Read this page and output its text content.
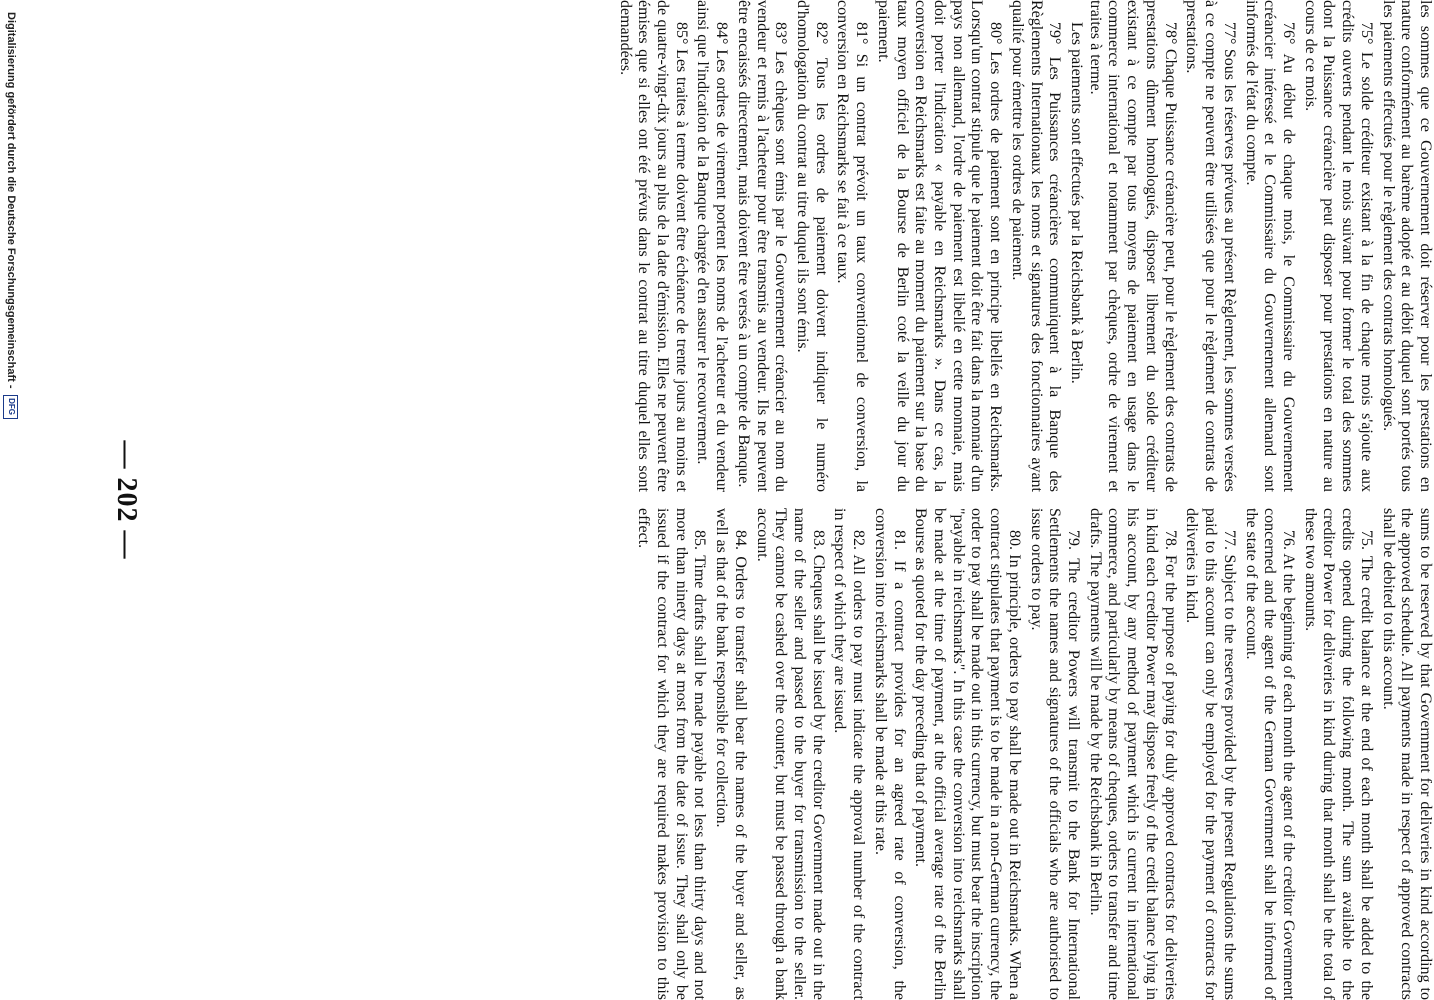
— 202 —

les sommes que ce Gouvernement doit réserver pour les prestations en nature conformément au barème adopté et au débit duquel sont portés tous les paiements effectués pour le règlement des contrats homologués.

75° Le solde créditeur existant à la fin de chaque mois s'ajoute aux crédits ouverts pendant le mois suivant pour former le total des sommes dont la Puissance créancière peut disposer pour prestations en nature au cours de ce mois.

76° Au début de chaque mois, le Commissaire du Gouvernement créancier intéressé et le Commissaire du Gouvernement allemand sont informés de l'état du compte.

77° Sous les réserves prévues au présent Règlement, les sommes versées à ce compte ne peuvent être utilisées que pour le règlement de contrats de prestations.

78° Chaque Puissance créancière peut, pour le règlement des contrats de prestations dûment homologués, disposer librement du solde créditeur existant à ce compte par tous moyens de paiement en usage dans le commerce international et notamment par chèques, ordre de virement et traites à terme.

Les paiements sont effectués par la Reichsbank à Berlin.

79° Les Puissances créancières communiquent à la Banque des Règlements Internationaux les noms et signatures des fonctionnaires ayant qualité pour émettre les ordres de paiement.

80° Les ordres de paiement sont en principe libellés en Reichsmarks. Lorsqu'un contrat stipule que le paiement doit être fait dans la monnaie d'un pays non allemand, l'ordre de paiement est libellé en cette monnaie, mais doit porter l'indication « payable en Reichsmarks ». Dans ce cas, la conversion en Reichsmarks est faite au moment du paiement sur la base du taux moyen officiel de la Bourse de Berlin coté la veille du jour du paiement.

81° Si un contrat prévoit un taux conventionnel de conversion, la conversion en Reichsmarks se fait à ce taux.

82° Tous les ordres de paiement doivent indiquer le numéro d'homologation du contrat au titre duquel ils sont émis.

83° Les chèques sont émis par le Gouvernement créancier au nom du vendeur et remis à l'acheteur pour être transmis au vendeur. Ils ne peuvent être encaissés directement, mais doivent être versés à un compte de Banque.

84° Les ordres de virement portent les noms de l'acheteur et du vendeur ainsi que l'indication de la Banque chargée d'en assurer le recouvrement.

85° Les traites à terme doivent être échéance de trente jours au moins et de quatre-vingt-dix jours au plus de la date d'émission. Elles ne peuvent être émises que si elles ont été prévus dans le contrat au titre duquel elles sont demandées.

sums to be reserved by that Government for deliveries in kind according to the approved schedule. All payments made in respect of approved contracts shall be debited to this account.

75. The credit balance at the end of each month shall be added to the credits opened during the following month. The sum available to the creditor Power for deliveries in kind during that month shall be the total of these two amounts.

76. At the beginning of each month the agent of the creditor Government concerned and the agent of the German Government shall be informed of the state of the account.

77. Subject to the reserves provided by the present Regulations the sums paid to this account can only be employed for the payment of contracts for deliveries in kind.

78. For the purpose of paying for duly approved contracts for deliveries in kind each creditor Power may dispose freely of the credit balance lying in his account, by any method of payment which is current in international commerce, and particularly by means of cheques, orders to transfer and time drafts. The payments will be made by the Reichsbank in Berlin.

79. The creditor Powers will transmit to the Bank for International Settlements the names and signatures of the officials who are authorised to issue orders to pay.

80. In principle, orders to pay shall be made out in Reichsmarks. When a contract stipulates that payment is to be made in a non-German currency, the order to pay shall be made out in this currency, but must bear the inscription "payable in reichsmarks". In this case the conversion into reichsmarks shall be made at the time of payment, at the official average rate of the Berlin Bourse as quoted for the day preceding that of payment.

81. If a contract provides for an agreed rate of conversion, the conversion into reichsmarks shall be made at this rate.

82. All orders to pay must indicate the approval number of the contract in respect of which they are issued.

83. Cheques shall be issued by the creditor Government made out in the name of the seller and passed to the buyer for transmission to the seller. They cannot be cashed over the counter, but must be passed through a bank account.

84. Orders to transfer shall bear the names of the buyer and seller, as well as that of the bank responsible for collection.

85. Time drafts shall be made payable not less than thirty days and not more than ninety days at most from the date of issue. They shall only be issued if the contract for which they are required makes provision to this effect.

Digitalisierung gefördert durch die Deutsche Forschungsgemeinschaft -
DFG
